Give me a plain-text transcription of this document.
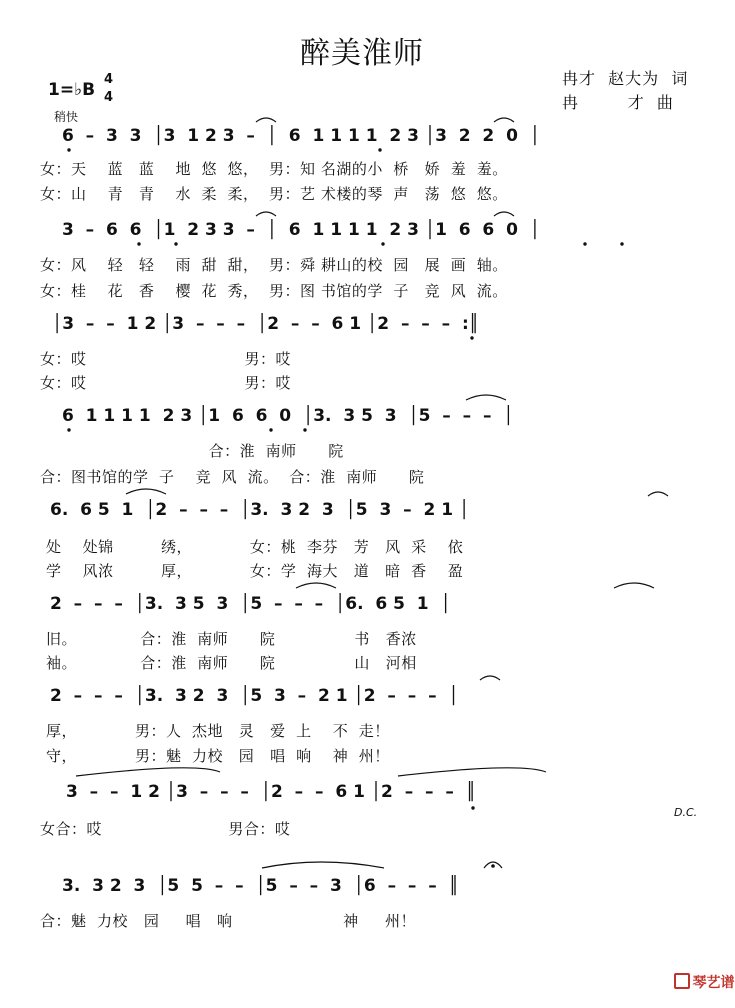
醉美淮师
冉才  赵大为  词
冉        才  曲
1=♭B
4
4
稍快
6  –  3  3  │3  1 2 3  –  │  6  1 1 1 1  2 3 │3  2  2  0  │
女：天    蓝   蓝    地  悠  悠，  男：知 名湖的小  桥   娇  羞  羞。
女：山    青   青    水  柔  柔，  男：艺 术楼的琴  声   荡  悠  悠。
3  –  6  6  │1  2 3 3  –  │  6  1 1 1 1  2 3 │1  6  6  0  │
女：风    轻   轻    雨  甜  甜，  男：舜 耕山的校  园   展  画  轴。
女：桂    花   香    樱  花  秀，  男：图 书馆的学  子   竞  风  流。
│3  –  –  1 2 │3  –  –  –  │2  –  –  6 1 │2  –  –  –  :║
女：哎                              男：哎
女：哎                              男：哎
6  1 1 1 1  2 3 │1  6  6  0  │3.  3 5  3  │5  –  –  –  │
合：淮  南师      院
合：图书馆的学  子    竞  风  流。  合：淮  南师      院
6.  6 5  1  │2  –  –  –  │3.  3 2  3  │5  3  –  2 1 │
处    处锦         绣，           女：桃  李芬   芳   风  采    依
学    风浓         厚，           女：学  海大   道   暗  香    盈
2  –  –  –  │3.  3 5  3  │5  –  –  –  │6.  6 5  1  │
旧。            合：淮  南师      院               书   香浓
袖。            合：淮  南师      院               山   河相
2  –  –  –  │3.  3 2  3  │5  3  –  2 1 │2  –  –  –  │
厚，           男：人  杰地   灵   爱  上    不  走！
守，           男：魅  力校   园   唱  响    神  州！
3  –  –  1 2 │3  –  –  –  │2  –  –  6 1 │2  –  –  –  ║
D.C.
女合：哎                        男合：哎
3.  3 2  3  │5  5  –  –  │5  –  –  3  │6  –  –  –  ║
合：魅  力校   园     唱   响                     神     州！

琴艺谱
